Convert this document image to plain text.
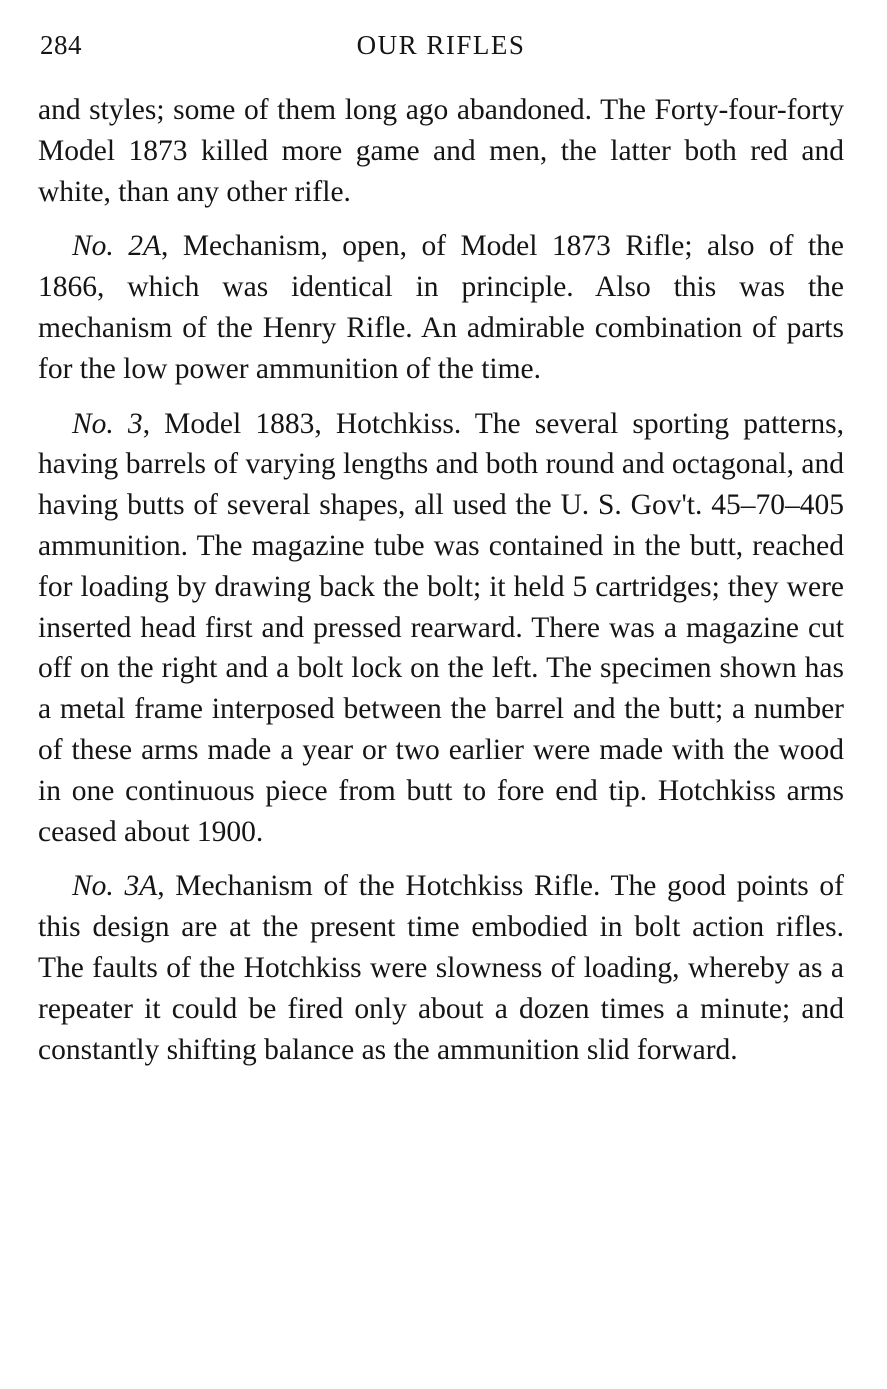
284	OUR RIFLES

and styles; some of them long ago abandoned. The Forty-four-forty Model 1873 killed more game and men, the latter both red and white, than any other rifle.

No. 2A, Mechanism, open, of Model 1873 Rifle; also of the 1866, which was identical in principle. Also this was the mechanism of the Henry Rifle. An admirable combination of parts for the low power ammunition of the time.

No. 3, Model 1883, Hotchkiss. The several sporting patterns, having barrels of varying lengths and both round and octagonal, and having butts of several shapes, all used the U. S. Gov't. 45–70–405 ammunition. The magazine tube was contained in the butt, reached for loading by drawing back the bolt; it held 5 cartridges; they were inserted head first and pressed rearward. There was a magazine cut off on the right and a bolt lock on the left. The specimen shown has a metal frame interposed between the barrel and the butt; a number of these arms made a year or two earlier were made with the wood in one continuous piece from butt to fore end tip. Hotchkiss arms ceased about 1900.

No. 3A, Mechanism of the Hotchkiss Rifle. The good points of this design are at the present time embodied in bolt action rifles. The faults of the Hotchkiss were slowness of loading, whereby as a repeater it could be fired only about a dozen times a minute; and constantly shifting balance as the ammunition slid forward.
